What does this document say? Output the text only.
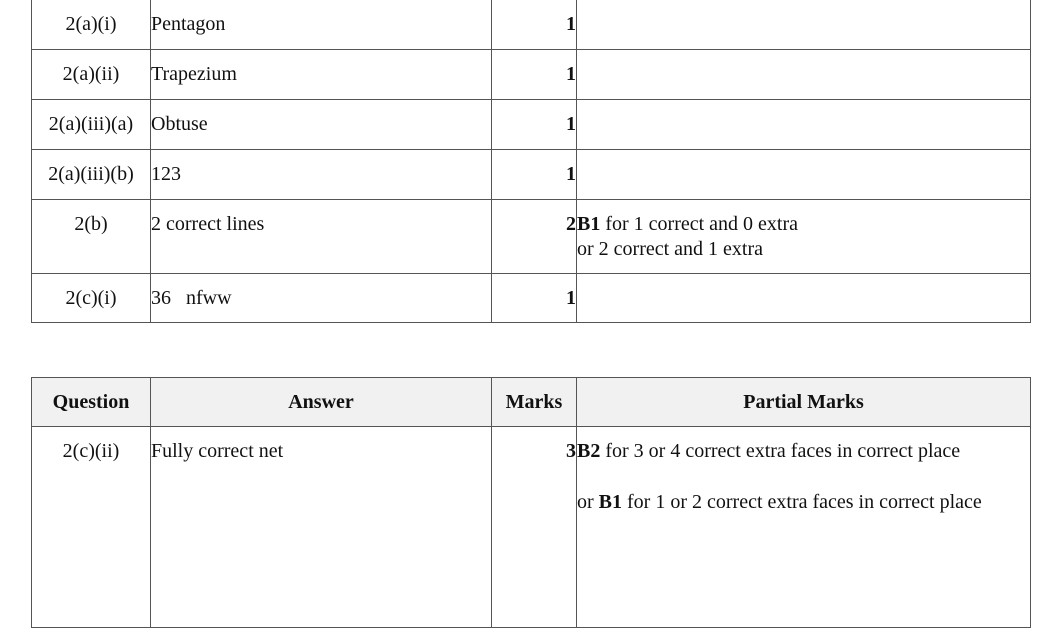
2(a)(i)	Pentagon	1	
2(a)(ii)	Trapezium	1	
2(a)(iii)(a)	Obtuse	1	
2(a)(iii)(b)	123	1	
2(b)	2 correct lines	2	B1 for 1 correct and 0 extra
or 2 correct and 1 extra

2(c)(i)	36   nfww	1	
Question	Answer	Marks	Partial Marks
2(c)(ii)	Fully correct net	3	B2 for 3 or 4 correct extra faces in correct place
or B1 for 1 or 2 correct extra faces in correct place
